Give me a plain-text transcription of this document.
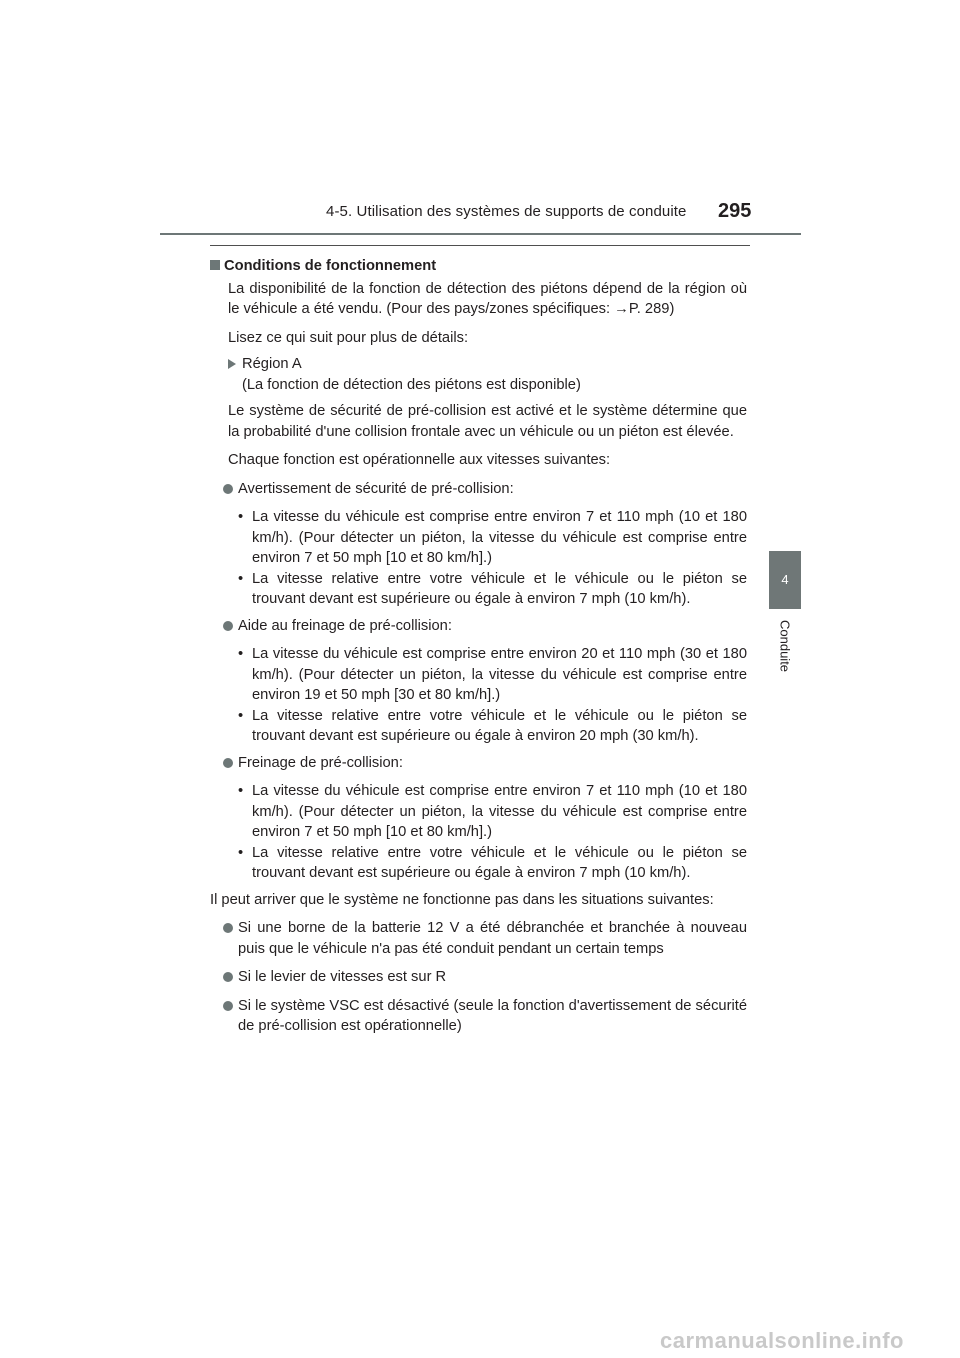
4-5. Utilisation des systèmes de supports de conduite 295
4
Conduite
Conditions de fonctionnement
La disponibilité de la fonction de détection des piétons dépend de la région où le véhicule a été vendu. (Pour des pays/zones spécifiques: →P. 289)
Lisez ce qui suit pour plus de détails:
Région A
(La fonction de détection des piétons est disponible)
Le système de sécurité de pré-collision est activé et le système détermine que la probabilité d'une collision frontale avec un véhicule ou un piéton est élevée.
Chaque fonction est opérationnelle aux vitesses suivantes:
Avertissement de sécurité de pré-collision:
• La vitesse du véhicule est comprise entre environ 7 et 110 mph (10 et 180 km/h). (Pour détecter un piéton, la vitesse du véhicule est comprise entre environ 7 et 50 mph [10 et 80 km/h].)
• La vitesse relative entre votre véhicule et le véhicule ou le piéton se trouvant devant est supérieure ou égale à environ 7 mph (10 km/h).
Aide au freinage de pré-collision:
• La vitesse du véhicule est comprise entre environ 20 et 110 mph (30 et 180 km/h). (Pour détecter un piéton, la vitesse du véhicule est comprise entre environ 19 et 50 mph [30 et 80 km/h].)
• La vitesse relative entre votre véhicule et le véhicule ou le piéton se trouvant devant est supérieure ou égale à environ 20 mph (30 km/h).
Freinage de pré-collision:
• La vitesse du véhicule est comprise entre environ 7 et 110 mph (10 et 180 km/h). (Pour détecter un piéton, la vitesse du véhicule est comprise entre environ 7 et 50 mph [10 et 80 km/h].)
• La vitesse relative entre votre véhicule et le véhicule ou le piéton se trouvant devant est supérieure ou égale à environ 7 mph (10 km/h).
Il peut arriver que le système ne fonctionne pas dans les situations suivantes:
Si une borne de la batterie 12 V a été débranchée et branchée à nouveau puis que le véhicule n'a pas été conduit pendant un certain temps
Si le levier de vitesses est sur R
Si le système VSC est désactivé (seule la fonction d'avertissement de sécurité de pré-collision est opérationnelle)
carmanualsonline.info
